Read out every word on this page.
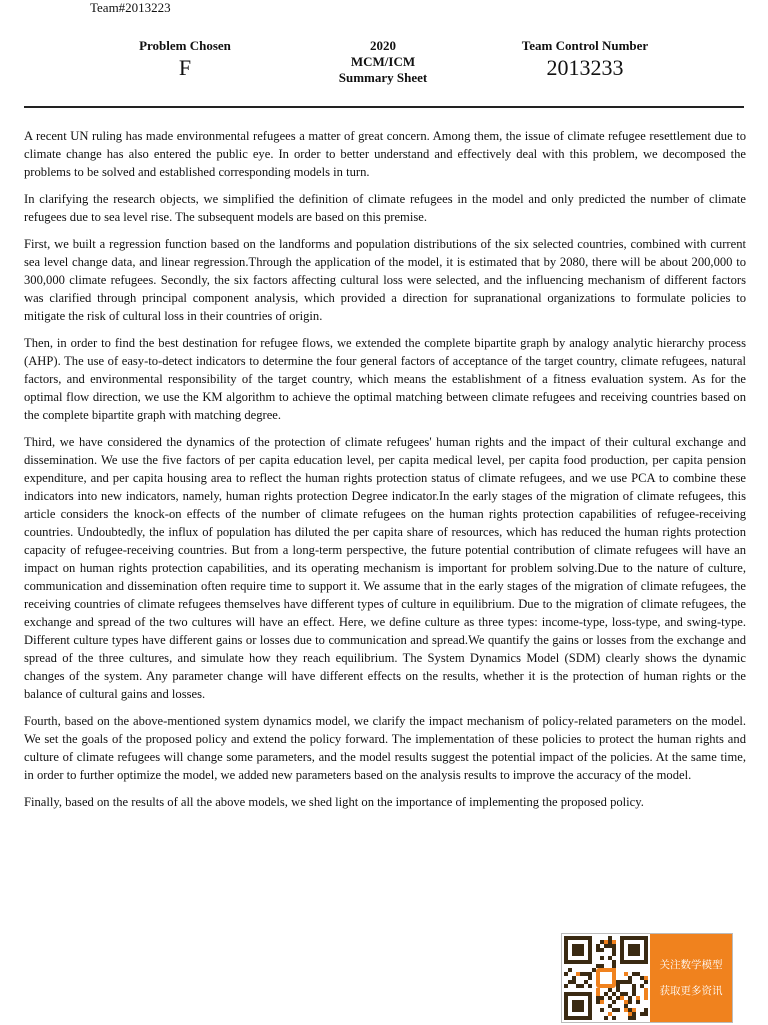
Team#2013223
Problem Chosen
F
2020
MCM/ICM
Summary Sheet
Team Control Number
2013233

A recent UN ruling has made environmental refugees a matter of great concern. Among them, the issue of climate refugee resettlement due to climate change has also entered the public eye. In order to better understand and effectively deal with this problem, we decomposed the problems to be solved and established corresponding models in turn.

In clarifying the research objects, we simplified the definition of climate refugees in the model and only predicted the number of climate refugees due to sea level rise. The subsequent models are based on this premise.

First, we built a regression function based on the landforms and population distributions of the six selected countries, combined with current sea level change data, and linear regression.Through the application of the model, it is estimated that by 2080, there will be about 200,000 to 300,000 climate refugees. Secondly, the six factors affecting cultural loss were selected, and the influencing mechanism of different factors was clarified through principal component analysis, which provided a direction for supranational organizations to formulate policies to mitigate the risk of cultural loss in their countries of origin.

Then, in order to find the best destination for refugee flows, we extended the complete bipartite graph by analogy analytic hierarchy process (AHP). The use of easy-to-detect indicators to determine the four general factors of acceptance of the target country, climate refugees, natural factors, and environmental responsibility of the target country, which means the establishment of a fitness evaluation system. As for the optimal flow direction, we use the KM algorithm to achieve the optimal matching between climate refugees and receiving countries based on the complete bipartite graph with matching degree.

Third, we have considered the dynamics of the protection of climate refugees' human rights and the impact of their cultural exchange and dissemination. We use the five factors of per capita education level, per capita medical level, per capita food production, per capita pension expenditure, and per capita housing area to reflect the human rights protection status of climate refugees, and we use PCA to combine these indicators into new indicators, namely, human rights protection Degree indicator.In the early stages of the migration of climate refugees, this article considers the knock-on effects of the number of climate refugees on the human rights protection capabilities of refugee-receiving countries. Undoubtedly, the influx of population has diluted the per capita share of resources, which has reduced the human rights protection capacity of refugee-receiving countries. But from a long-term perspective, the future potential contribution of climate refugees will have an impact on human rights protection capabilities, and its operating mechanism is important for problem solving.Due to the nature of culture, communication and dissemination often require time to support it. We assume that in the early stages of the migration of climate refugees, the receiving countries of climate refugees themselves have different types of culture in equilibrium. Due to the migration of climate refugees, the exchange and spread of the two cultures will have an effect. Here, we define culture as three types: income-type, loss-type, and swing-type. Different culture types have different gains or losses due to communication and spread.We quantify the gains or losses from the exchange and spread of the three cultures, and simulate how they reach equilibrium. The System Dynamics Model (SDM) clearly shows the dynamic changes of the system. Any parameter change will have different effects on the results, whether it is the protection of human rights or the balance of cultural gains and losses.

Fourth, based on the above-mentioned system dynamics model, we clarify the impact mechanism of policy-related parameters on the model. We set the goals of the proposed policy and extend the policy forward. The implementation of these policies to protect the human rights and culture of climate refugees will change some parameters, and the model results suggest the potential impact of the policies. At the same time, in order to further optimize the model, we added new parameters based on the analysis results to improve the accuracy of the model.

Finally, based on the results of all the above models, we shed light on the importance of implementing the proposed policy.

关注数学模型
获取更多资讯
